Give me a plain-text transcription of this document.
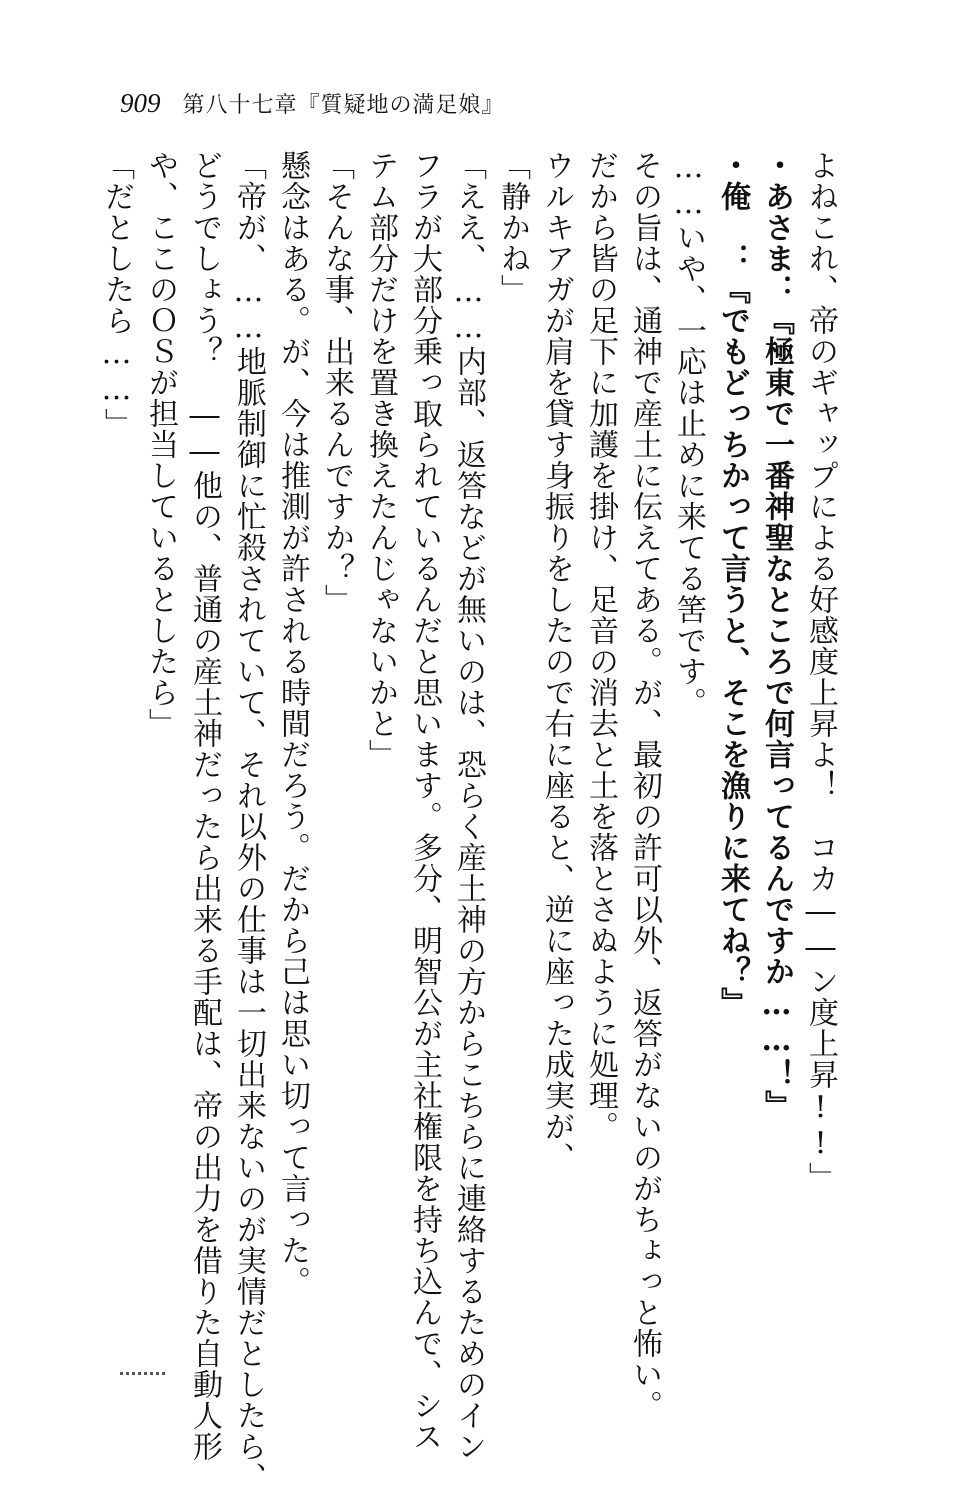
909 第八十七章『質疑地の満足娘』
よねこれ、帝のギャップによる好感度上昇よ！　コカ――ン度上昇!!」
・あさま：『極東で一番神聖なところで何言ってるんですか……！』
・俺　：『でもどっちかって言うと、そこを漁りに来てね？』
……いや、一応は止めに来てる筈です。
その旨は、通神で産土に伝えてある。が、最初の許可以外、返答がないのがちょっと怖い。
だから皆の足下に加護を掛け、足音の消去と土を落とさぬように処理。
ウルキアガが肩を貸す身振りをしたので右に座ると、逆に座った成実が、
「静かね」
「ええ、……内部、返答などが無いのは、恐らく産土神の方からこちらに連絡するためのイン
フラが大部分乗っ取られているんだと思います。多分、明智公が主社権限を持ち込んで、シス
テム部分だけを置き換えたんじゃないかと」
「そんな事、出来るんですか？」
懸念はある。が、今は推測が許される時間だろう。だから己は思い切って言った。
「帝が、……地脈制御に忙殺されていて、それ以外の仕事は一切出来ないのが実情だとしたら、
どうでしょう？　――他の、普通の産土神だったら出来る手配は、帝の出力を借りた自動人形
や、ここのＯＳが担当しているとしたら」
「だとしたら……」
